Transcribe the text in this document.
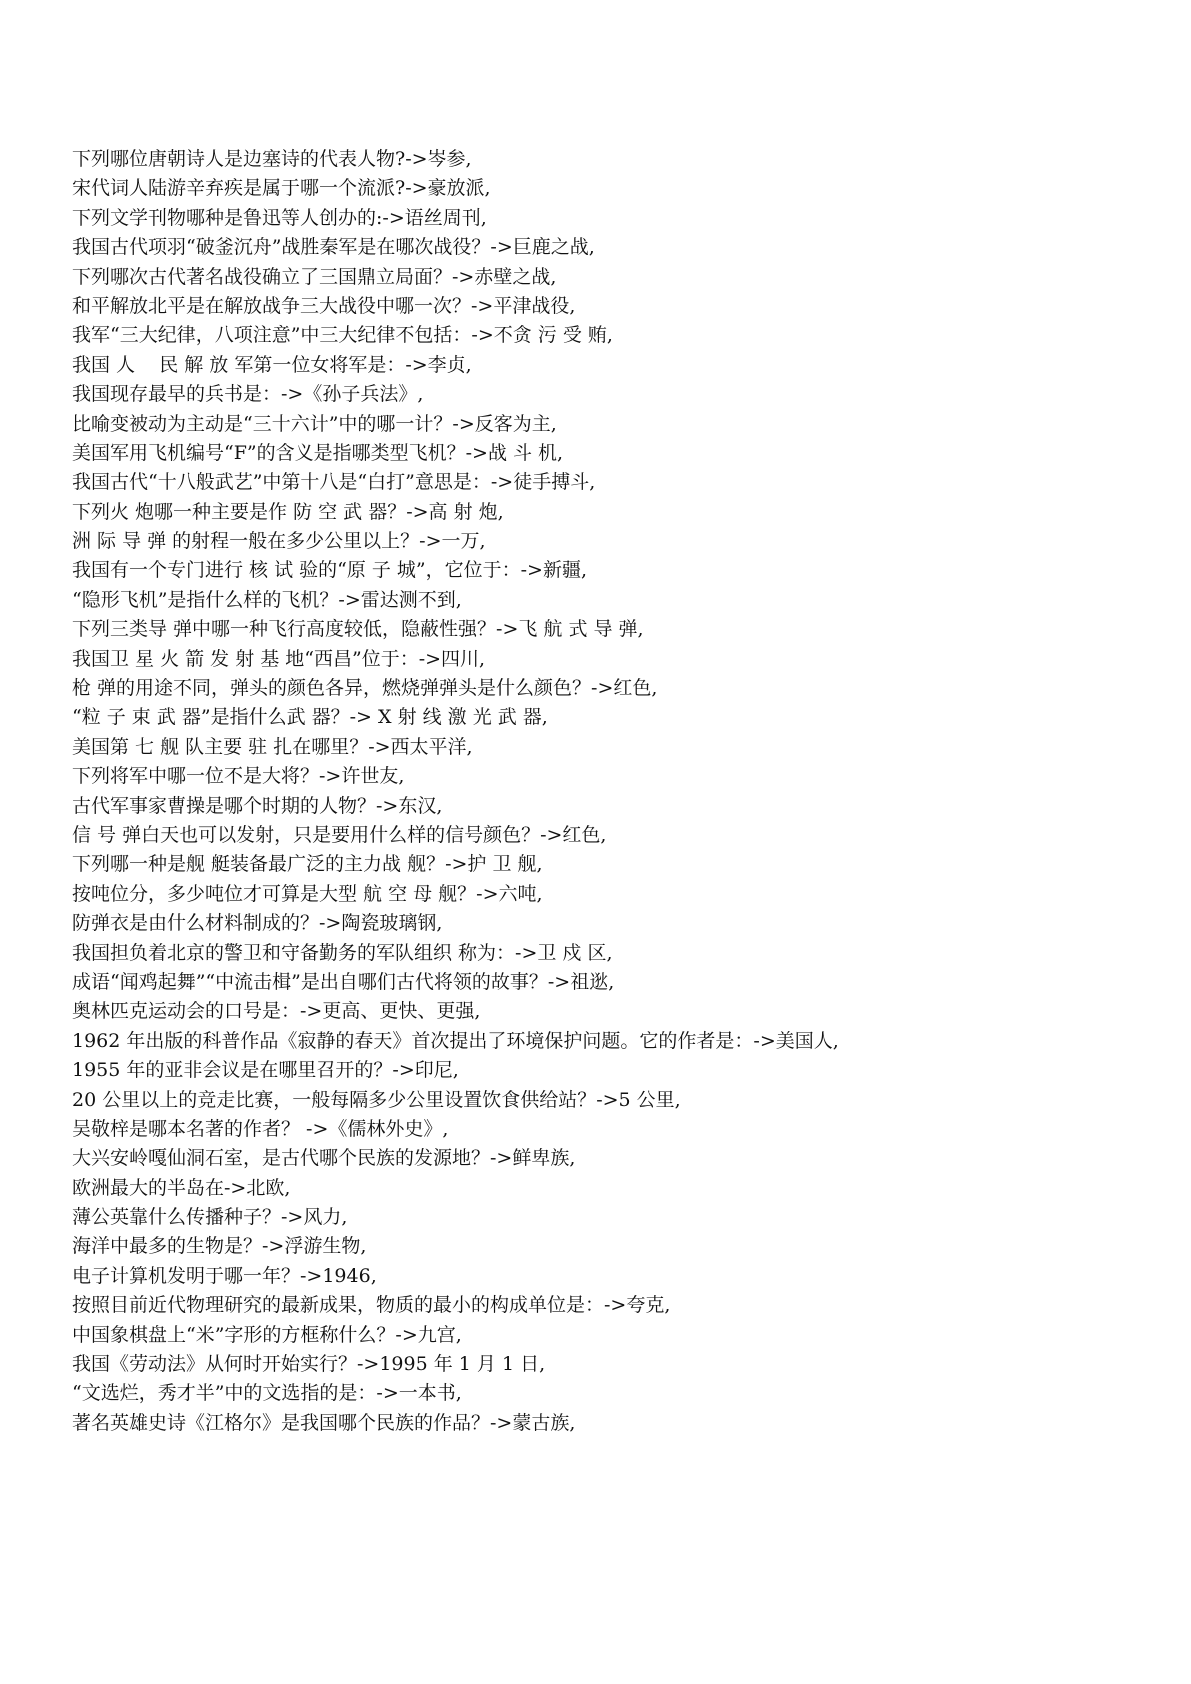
下列哪位唐朝诗人是边塞诗的代表人物?->岑参,
宋代词人陆游辛弃疾是属于哪一个流派?->豪放派,
下列文学刊物哪种是鲁迅等人创办的:->语丝周刊,
我国古代项羽“破釜沉舟”战胜秦军是在哪次战役？->巨鹿之战,
下列哪次古代著名战役确立了三国鼎立局面？->赤壁之战,
和平解放北平是在解放战争三大战役中哪一次？->平津战役,
我军“三大纪律，八项注意”中三大纪律不包括：->不贪 污 受 贿,
我国 人    民 解 放 军第一位女将军是：->李贞,
我国现存最早的兵书是：->《孙子兵法》,
比喻变被动为主动是“三十六计”中的哪一计？->反客为主,
美国军用飞机编号“F”的含义是指哪类型飞机？->战 斗 机,
我国古代“十八般武艺”中第十八是“白打”意思是：->徒手搏斗,
下列火 炮哪一种主要是作 防 空 武 器？->高 射 炮,
洲 际 导 弹 的射程一般在多少公里以上？->一万,
我国有一个专门进行 核 试 验的“原 子 城”，它位于：->新疆,
“隐形飞机”是指什么样的飞机？->雷达测不到,
下列三类导 弹中哪一种飞行高度较低，隐蔽性强？->飞 航 式 导 弹,
我国卫 星 火 箭 发 射 基 地“西昌”位于：->四川,
枪 弹的用途不同，弹头的颜色各异，燃烧弹弹头是什么颜色？->红色,
“粒 子 束 武 器”是指什么武 器？-> X 射 线 激 光 武 器,
美国第 七 舰 队主要 驻 扎在哪里？->西太平洋,
下列将军中哪一位不是大将？->许世友,
古代军事家曹操是哪个时期的人物？->东汉,
信 号 弹白天也可以发射，只是要用什么样的信号颜色？->红色,
下列哪一种是舰 艇装备最广泛的主力战 舰？->护 卫 舰,
按吨位分，多少吨位才可算是大型 航 空 母 舰？->六吨,
防弹衣是由什么材料制成的？->陶瓷玻璃钢,
我国担负着北京的警卫和守备勤务的军队组织 称为：->卫 戍 区,
成语“闻鸡起舞”“中流击楫”是出自哪们古代将领的故事？->祖逖,
奥林匹克运动会的口号是：->更高、更快、更强,
1962 年出版的科普作品《寂静的春天》首次提出了环境保护问题。它的作者是：->美国人,
1955 年的亚非会议是在哪里召开的？->印尼,
20 公里以上的竞走比赛，一般每隔多少公里设置饮食供给站？->5 公里,
吴敬梓是哪本名著的作者？ ->《儒林外史》,
大兴安岭嘎仙洞石室，是古代哪个民族的发源地？->鲜卑族,
欧洲最大的半岛在->北欧,
薄公英靠什么传播种子？->风力,
海洋中最多的生物是？->浮游生物,
电子计算机发明于哪一年？->1946,
按照目前近代物理研究的最新成果，物质的最小的构成单位是：->夸克,
中国象棋盘上“米”字形的方框称什么？->九宫,
我国《劳动法》从何时开始实行？->1995 年 1 月 1 日,
“文选烂，秀才半”中的文选指的是：->一本书,
著名英雄史诗《江格尔》是我国哪个民族的作品？->蒙古族,
